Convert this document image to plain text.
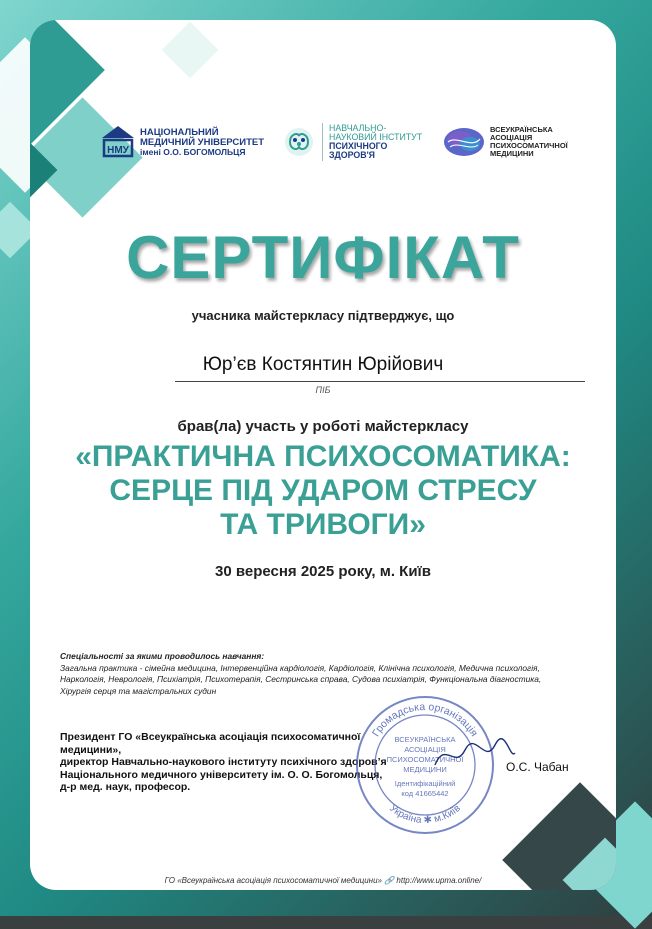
НМУ
НАЦІОНАЛЬНИЙ
МЕДИЧНИЙ УНІВЕРСИТЕТ
імені О.О. БОГОМОЛЬЦЯ
НАВЧАЛЬНО-
НАУКОВИЙ ІНСТИТУТ
ПСИХІЧНОГО
ЗДОРОВ'Я
ВСЕУКРАЇНСЬКА
АСОЦІАЦІЯ
ПСИХОСОМАТИЧНОЇ
МЕДИЦИНИ
СЕРТИФІКАТ
учасника майстеркласу підтверджує, що
Юр’єв Костянтин Юрійович
ПІБ
брав(ла) участь у роботі майстеркласу
«ПРАКТИЧНА ПСИХОСОМАТИКА:
СЕРЦЕ ПІД УДАРОМ СТРЕСУ
ТА ТРИВОГИ»
30 вересня 2025 року, м. Київ
Спеціальності за якими проводилось навчання:
Загальна практика - сімейна медицина, Інтервенційна кардіологія, Кардіологія, Клінічна психологія, Медична психологія,
Наркологія, Неврологія, Психіатрія, Психотерапія, Сестринська справа, Судова психіатрія, Функціональна діагностика,
Хірургія серця та магістральних судин
Президент ГО «Всеукраїнська асоціація психосоматичної медицини»,
директор Навчально-наукового інституту психічного здоров’я
Національного медичного університету ім. О. О. Богомольця,
д-р мед. наук, професор.
Громадська організація
Україна ✱ м.Київ
ВСЕУКРАЇНСЬКА
АСОЦІАЦІЯ
ПСИХОСОМАТИЧНОЇ
МЕДИЦИНИ
Ідентифікаційний
код 41665442
О.С. Чабан
ГО «Всеукраїнська асоціація психосоматичної медицини» 🔗 http://www.upma.online/
